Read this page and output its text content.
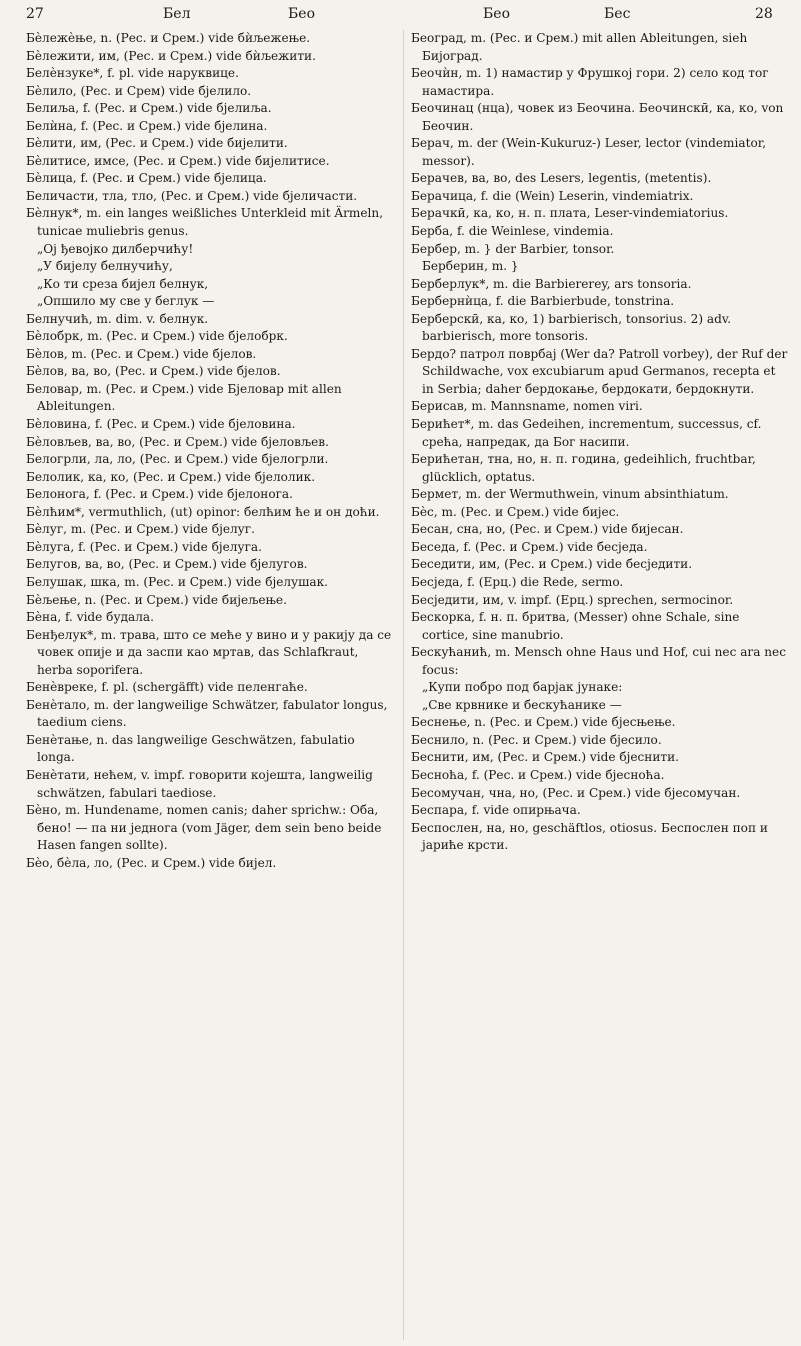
27	Бел	Бео	Бео	Бес	28

Бѐлежѐње, n. (Рес. и Срем.) vide бѝљежење.

Бѐлежити, им, (Рес. и Срем.) vide бѝљежити.

Белѐнзуке*, f. pl. vide наруквице.

Бѐлило, (Рес. и Срем) vide бјелило.

Белиља, f. (Рес. и Срем.) vide бјелиља.

Белѝна, f. (Рес. и Срем.) vide бјелина.

Бѐлити, им, (Рес. и Срем.) vide бијелити.

Бѐлитисе, имсе, (Рес. и Срем.) vide бијелитисе.

Бѐлица, f. (Рес. и Срем.) vide бјелица.

Беличасти, тла, тло, (Рес. и Срем.) vide бјеличасти.

Бѐлнук*, m. ein langes weißliches Unterkleid mit Ärmeln, tunicae muliebris genus.
„Ој ђевојко дилберчићу!
„У бијелу белнучићу,
„Ко ти среза бијел белнук,
„Опшило му све у беглук —

Белнучић, m. dim. v. белнук.

Бѐлобрк, m. (Рес. и Срем.) vide бјелобрк.

Бѐлов, m. (Рес. и Срем.) vide бјелов.

Бѐлов, ва, во, (Рес. и Срем.) vide бјелов.

Беловар, m. (Рес. и Срем.) vide Бјеловар mit allen Ableitungen.

Бѐловина, f. (Рес. и Срем.) vide бјеловина.

Бѐловљев, ва, во, (Рес. и Срем.) vide бјеловљев.

Белогрли, ла, ло, (Рес. и Срем.) vide бјелогрли.

Белолик, ка, ко, (Рес. и Срем.) vide бјелолик.

Белоногa, f. (Рес. и Срем.) vide бјелонога.

Бѐлћим*, vermuthlich, (ut) opinor: белћим ће и он доћи.

Бѐлуг, m. (Рес. и Срем.) vide бјелуг.

Бѐлуга, f. (Рес. и Срем.) vide бјелуга.

Белугов, ва, во, (Рес. и Срем.) vide бјелугов.

Белушак, шка, m. (Рес. и Срем.) vide бјелушак.

Бѐљење, n. (Рес. и Срем.) vide бијељење.

Бѐна, f. vide будала.

Бенђелук*, m. трава, што се мећe у вино и у ракију да се човек опије и да заспи као мртав, das Schlafkraut, herba soporifera.

Бенѐвреке, f. pl. (schergäfft) vide пеленгаће.

Бенѐтало, m. der langweilige Schwätzer, fabulator longus, taedium ciens.

Бенѐтање, n. das langweilige Geschwätzen, fabulatio longa.

Бенѐтати, нећем, v. impf. говорити којешта, langweilig schwätzen, fabulari taediose.

Бѐно, m. Hundename, nomen canis; daher sprichw.: Оба, бено! — па ни једнога (vom Jäger, dem sein beno beide Hasen fangen sollte).

Бѐо, бѐла, ло, (Рес. и Срем.) vide бијел.

Београд, m. (Рес. и Срем.) mit allen Ableitungen, sieh Бијоград.

Беочѝн, m. 1) намастир у Фрушкој гори. 2) село код тог намастира.

Беочинац (нца), човек из Беочина. Беочинскӣ, ка, ко, von Беочин.

Берач, m. der (Wein-Kukuruz-) Leser, lector (vindemiator, messor).

Берачев, ва, во, des Lesers, legentis, (metentis).

Берачица, f. die (Wein) Leserin, vindemiatrix.

Берачкӣ, ка, ко, н. п. плата, Leser-vindemiatorius.

Берба, f. die Weinlese, vindemia.

Бербер, m. } der Barbier, tonsor.
Берберин, m. }

Берберлук*, m. die Barbiererey, ars tonsoria.

Бербернѝца, f. die Barbierbude, tonstrina.

Берберскӣ, ка, ко, 1) barbierisch, tonsorius. 2) adv. barbierisch, more tonsoris.

Бердо? патрол поврбај (Wer da? Patroll vorbey), der Ruf der Schildwache, vox excubiarum apud Germanos, recepta et in Serbia; daher бердокање, бердокати, бердокнути.

Берисав, m. Mannsname, nomen viri.

Берићет*, m. das Gedeihen, incrementum, successus, cf. срећа, напредак, да Бог насипи.

Берићетан, тна, но, н. п. година, gedeihlich, fruchtbar, glücklich, optatus.

Бермет, m. der Wermuthwein, vinum absinthiatum.

Бѐс, m. (Рес. и Срем.) vide бијес.

Бесан, сна, но, (Рес. и Срем.) vide бијесан.

Беседа, f. (Рес. и Срем.) vide бесједа.

Беседити, им, (Рес. и Срем.) vide бесједити.

Бесједа, f. (Ерц.) die Rede, sermo.

Бесједити, им, v. impf. (Ерц.) sprechen, sermocinor.

Бескорка, f. н. п. бритва, (Messer) ohne Schale, sine cortice, sine manubrio.

Бескућанић, m. Mensch ohne Haus und Hof, cui nec ara nec focus:
„Купи побро под барјак јунаке:
„Све крвнике и бескућанике —

Беснење, n. (Рес. и Срем.) vide бјесњење.

Беснило, n. (Рес. и Срем.) vide бјесило.

Беснити, им, (Рес. и Срем.) vide бјеснити.

Беснoћа, f. (Рес. и Срем.) vide бјеснoћа.

Бесомучан, чна, но, (Рес. и Срем.) vide бјесомучан.

Беспара, f. vide опирњача.

Беспослен, на, но, geschäftlos, otiosus. Беспослен поп и јариће крсти.
